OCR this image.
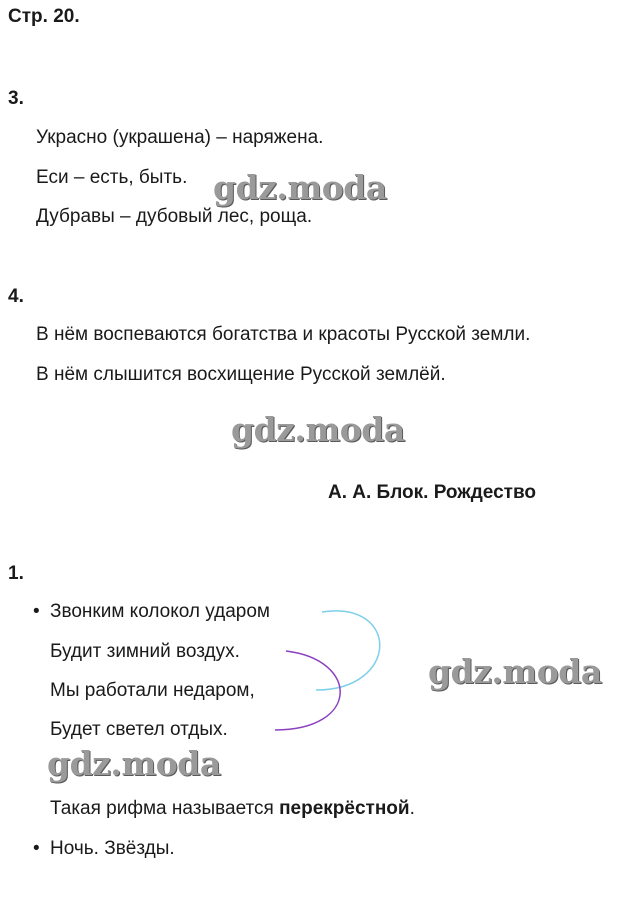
Стр. 20.
3.
Украсно (украшена) – наряжена.
Еси – есть, быть.
Дубравы – дубовый лес, роща.
4.
В нём воспеваются богатства и красоты Русской земли.
В нём слышится восхищение Русской землёй.
А. А. Блок. Рождество
1.
• Звонким колокол ударом
Будит зимний воздух.
Мы работали недаром,
Будет светел отдых.
Такая рифма называется перекрёстной.
• Ночь. Звёзды.
gdz.moda
gdz.moda
gdz.moda
gdz.moda
